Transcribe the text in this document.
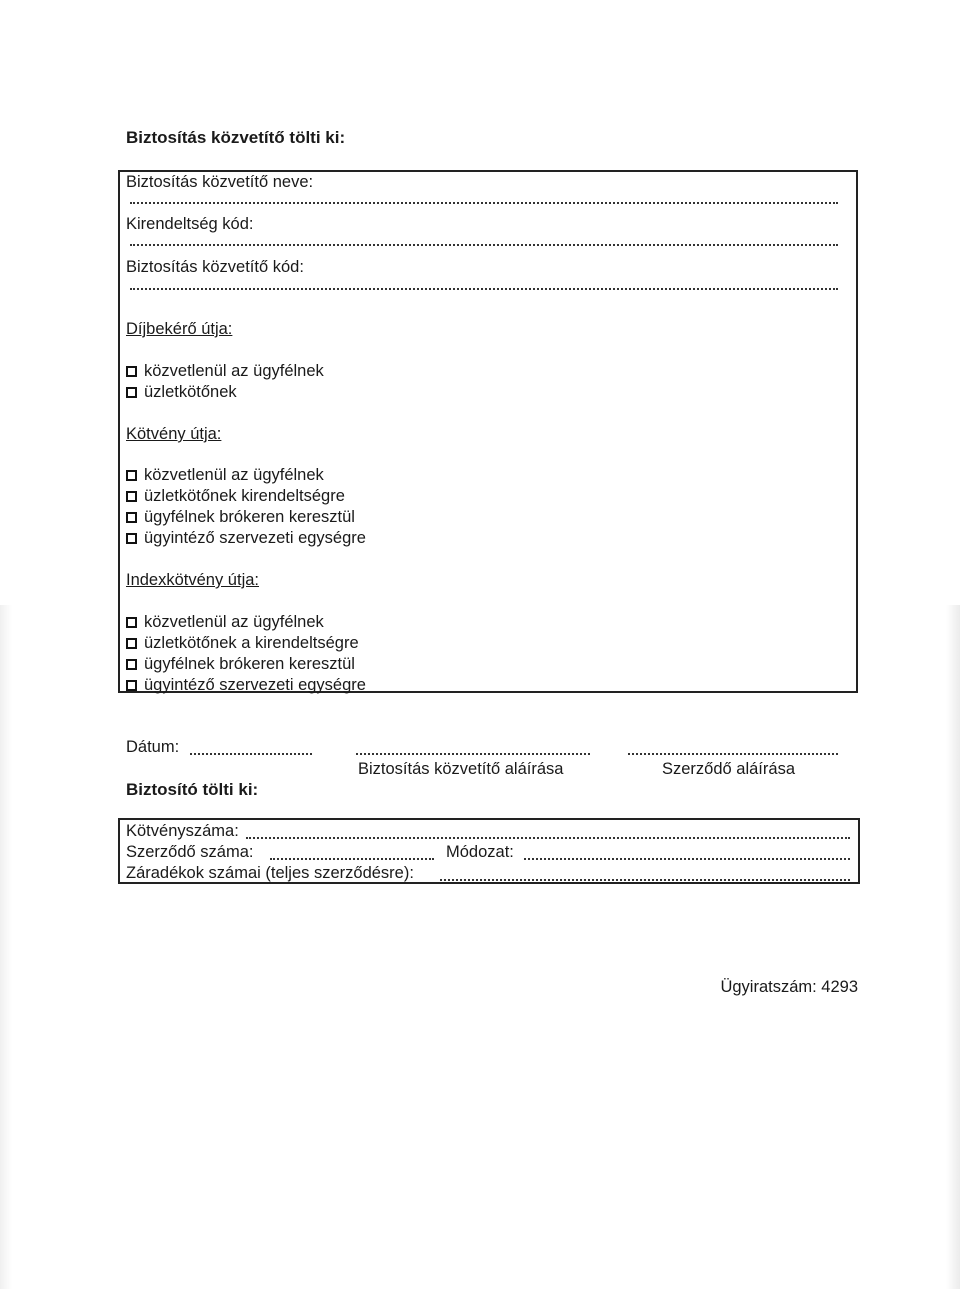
Biztosítás közvetítő tölti ki:
Biztosítás közvetítő neve:
Kirendeltség kód:
Biztosítás közvetítő kód:
Díjbekérő útja:
közvetlenül az ügyfélnek
üzletkötőnek
Kötvény útja:
közvetlenül az ügyfélnek
üzletkötőnek kirendeltségre
ügyfélnek brókeren keresztül
ügyintéző szervezeti egységre
Indexkötvény útja:
közvetlenül az ügyfélnek
üzletkötőnek a kirendeltségre
ügyfélnek brókeren keresztül
ügyintéző szervezeti egységre
Dátum:
Biztosítás közvetítő aláírása	Szerződő aláírása
Biztosító tölti ki:
Kötvényszáma:
Szerződő száma:	Módozat:
Záradékok számai (teljes szerződésre):
Ügyiratszám: 4293
